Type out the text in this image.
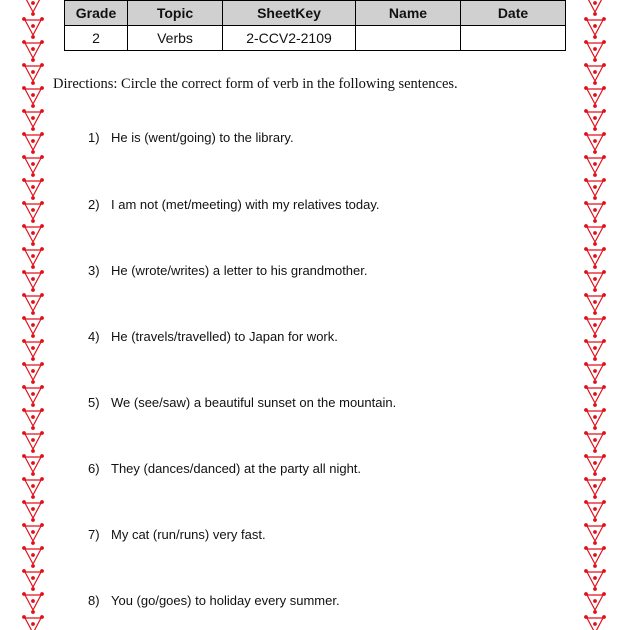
Grade	Topic	SheetKey	Name	Date
2	Verbs	2-CCV2-2109		
Directions: Circle the correct form of verb in the following sentences.
1) He is (went/going) to the library.
2) I am not (met/meeting) with my relatives today.
3) He (wrote/writes) a letter to his grandmother.
4) He (travels/travelled) to Japan for work.
5) We (see/saw) a beautiful sunset on the mountain.
6) They (dances/danced) at the party all night.
7) My cat (run/runs) very fast.
8) You (go/goes) to holiday every summer.
